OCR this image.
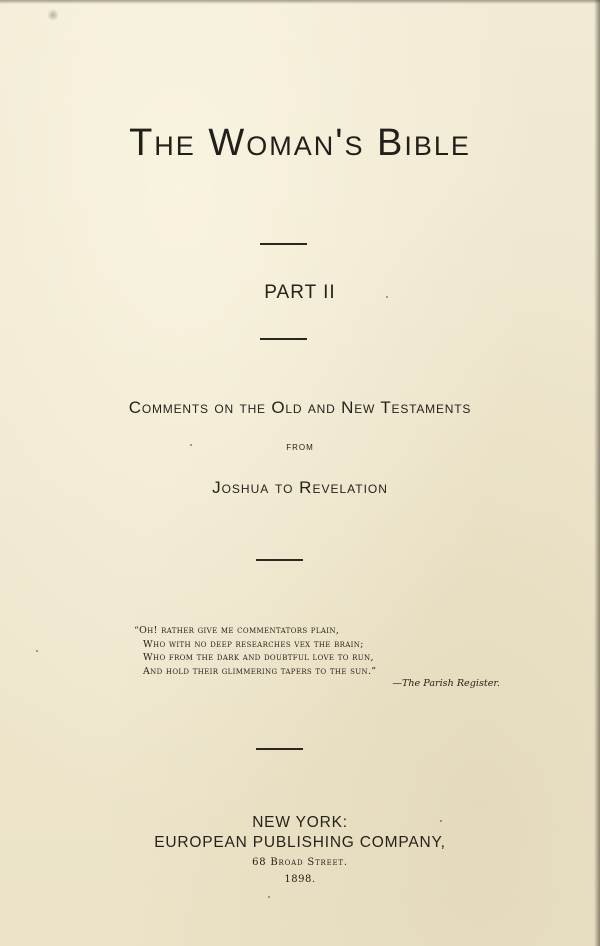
The Woman's Bible
PART II
Comments on the Old and New Testaments
from
Joshua to Revelation
“Oh! rather give me commentators plain,
Who with no deep researches vex the brain;
Who from the dark and doubtful love to run,
And hold their glimmering tapers to the sun.”
—The Parish Register.
NEW YORK:
EUROPEAN PUBLISHING COMPANY,
68 Broad Street.
1898.
